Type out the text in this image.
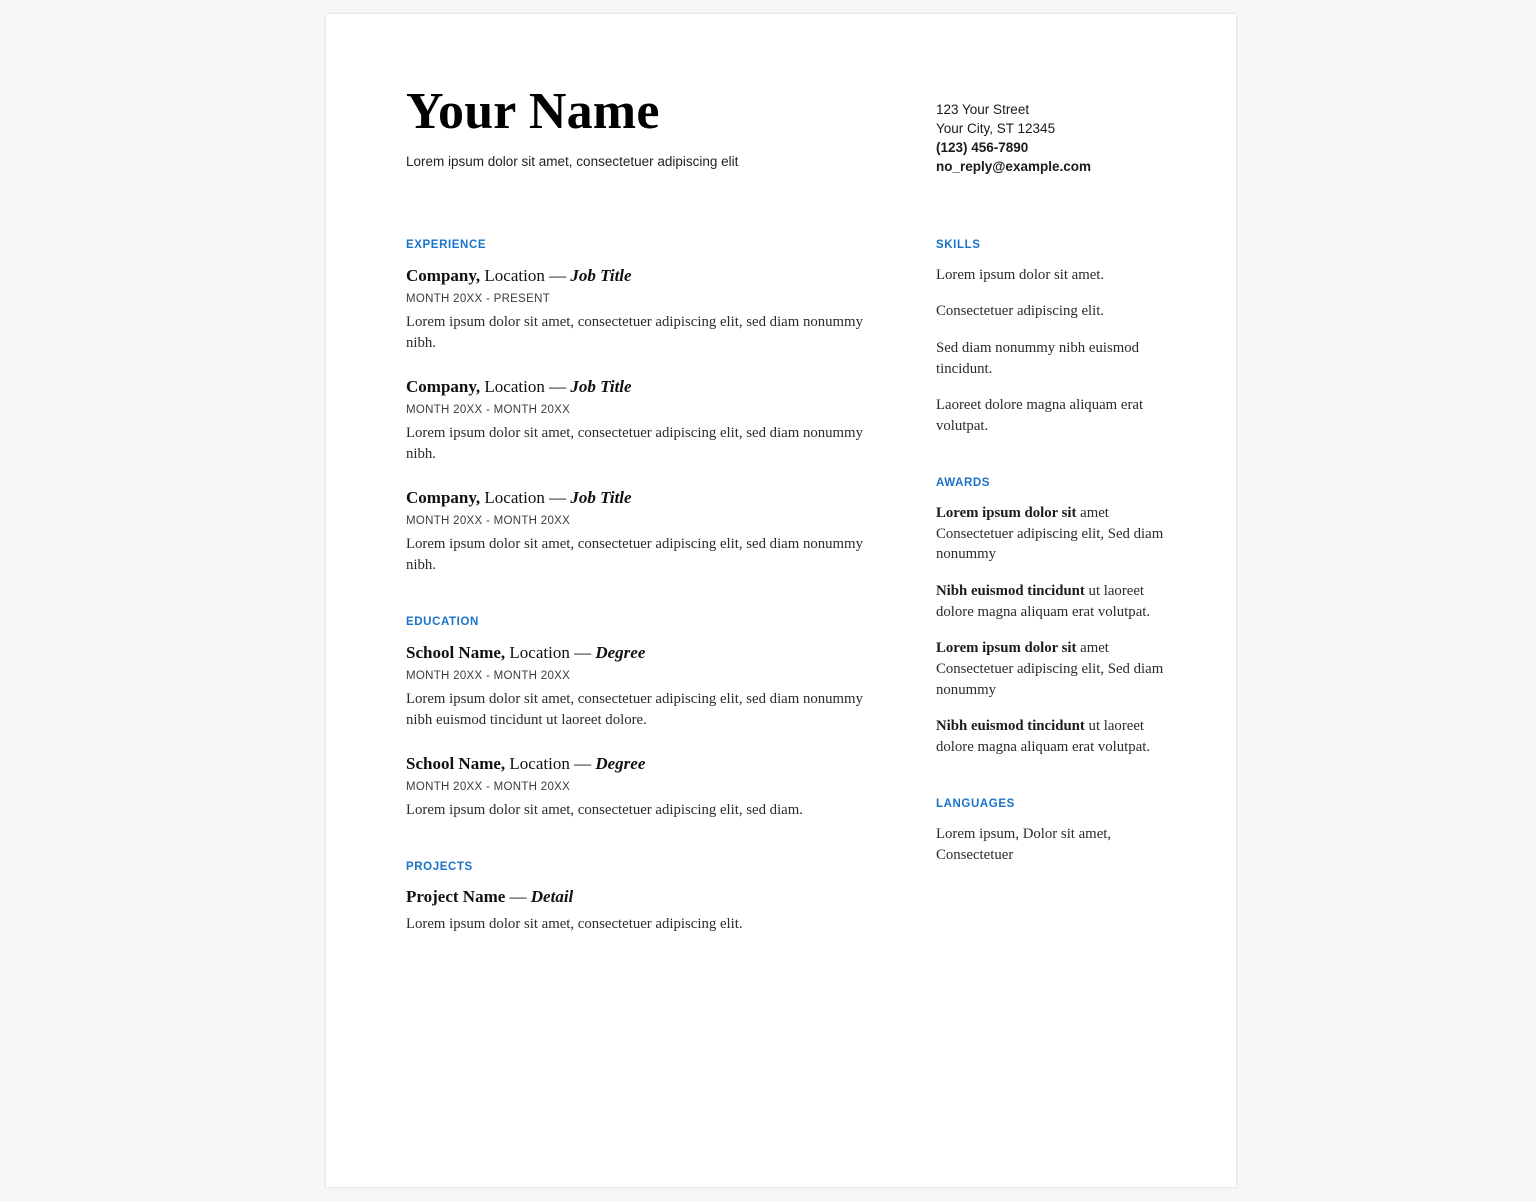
Your Name
Lorem ipsum dolor sit amet, consectetuer adipiscing elit
123 Your Street
Your City, ST 12345
(123) 456-7890
no_reply@example.com
EXPERIENCE
Company, Location — Job Title
MONTH 20XX - PRESENT
Lorem ipsum dolor sit amet, consectetuer adipiscing elit, sed diam nonummy nibh.
Company, Location — Job Title
MONTH 20XX - MONTH 20XX
Lorem ipsum dolor sit amet, consectetuer adipiscing elit, sed diam nonummy nibh.
Company, Location — Job Title
MONTH 20XX - MONTH 20XX
Lorem ipsum dolor sit amet, consectetuer adipiscing elit, sed diam nonummy nibh.
EDUCATION
School Name, Location — Degree
MONTH 20XX - MONTH 20XX
Lorem ipsum dolor sit amet, consectetuer adipiscing elit, sed diam nonummy nibh euismod tincidunt ut laoreet dolore.
School Name, Location — Degree
MONTH 20XX - MONTH 20XX
Lorem ipsum dolor sit amet, consectetuer adipiscing elit, sed diam.
PROJECTS
Project Name — Detail
Lorem ipsum dolor sit amet, consectetuer adipiscing elit.
SKILLS
Lorem ipsum dolor sit amet.
Consectetuer adipiscing elit.
Sed diam nonummy nibh euismod tincidunt.
Laoreet dolore magna aliquam erat volutpat.
AWARDS
Lorem ipsum dolor sit amet Consectetuer adipiscing elit, Sed diam nonummy
Nibh euismod tincidunt ut laoreet dolore magna aliquam erat volutpat.
Lorem ipsum dolor sit amet Consectetuer adipiscing elit, Sed diam nonummy
Nibh euismod tincidunt ut laoreet dolore magna aliquam erat volutpat.
LANGUAGES
Lorem ipsum, Dolor sit amet, Consectetuer
